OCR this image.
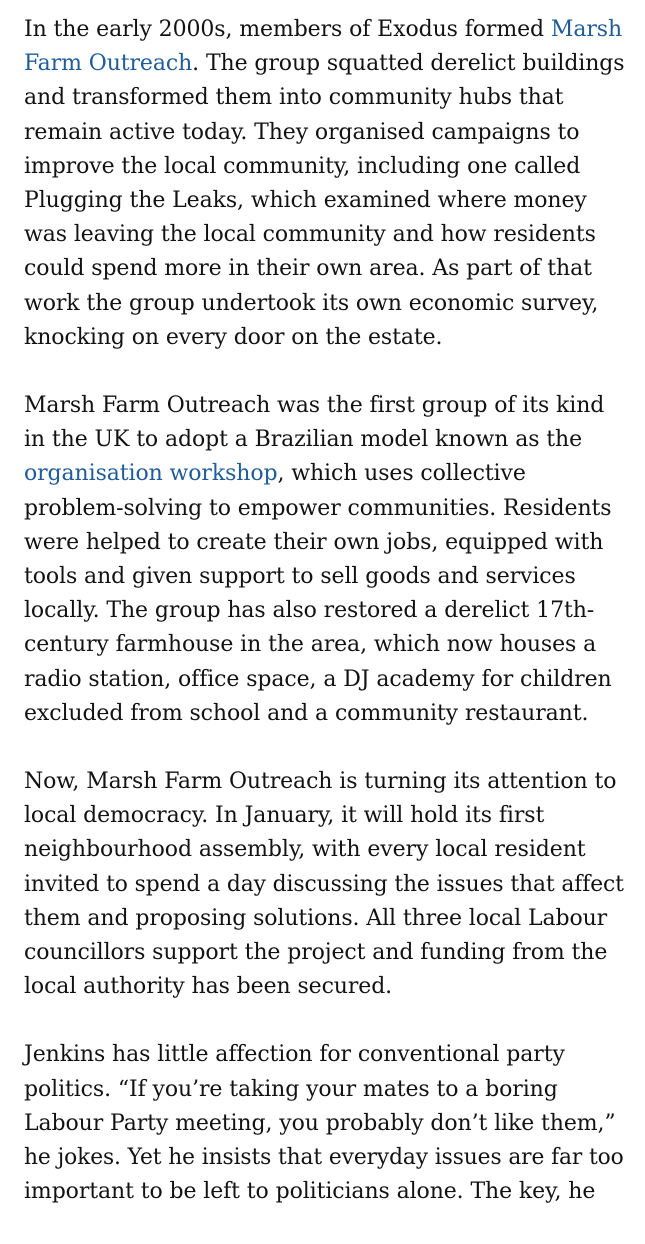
In the early 2000s, members of Exodus formed Marsh
Farm Outreach. The group squatted derelict buildings
and transformed them into community hubs that
remain active today. They organised campaigns to
improve the local community, including one called
Plugging the Leaks, which examined where money
was leaving the local community and how residents
could spend more in their own area. As part of that
work the group undertook its own economic survey,
knocking on every door on the estate.

Marsh Farm Outreach was the first group of its kind
in the UK to adopt a Brazilian model known as the
organisation workshop, which uses collective
problem-solving to empower communities. Residents
were helped to create their own jobs, equipped with
tools and given support to sell goods and services
locally. The group has also restored a derelict 17th-
century farmhouse in the area, which now houses a
radio station, office space, a DJ academy for children
excluded from school and a community restaurant.

Now, Marsh Farm Outreach is turning its attention to
local democracy. In January, it will hold its first
neighbourhood assembly, with every local resident
invited to spend a day discussing the issues that affect
them and proposing solutions. All three local Labour
councillors support the project and funding from the
local authority has been secured.

Jenkins has little affection for conventional party
politics. “If you’re taking your mates to a boring
Labour Party meeting, you probably don’t like them,”
he jokes. Yet he insists that everyday issues are far too
important to be left to politicians alone. The key, he
